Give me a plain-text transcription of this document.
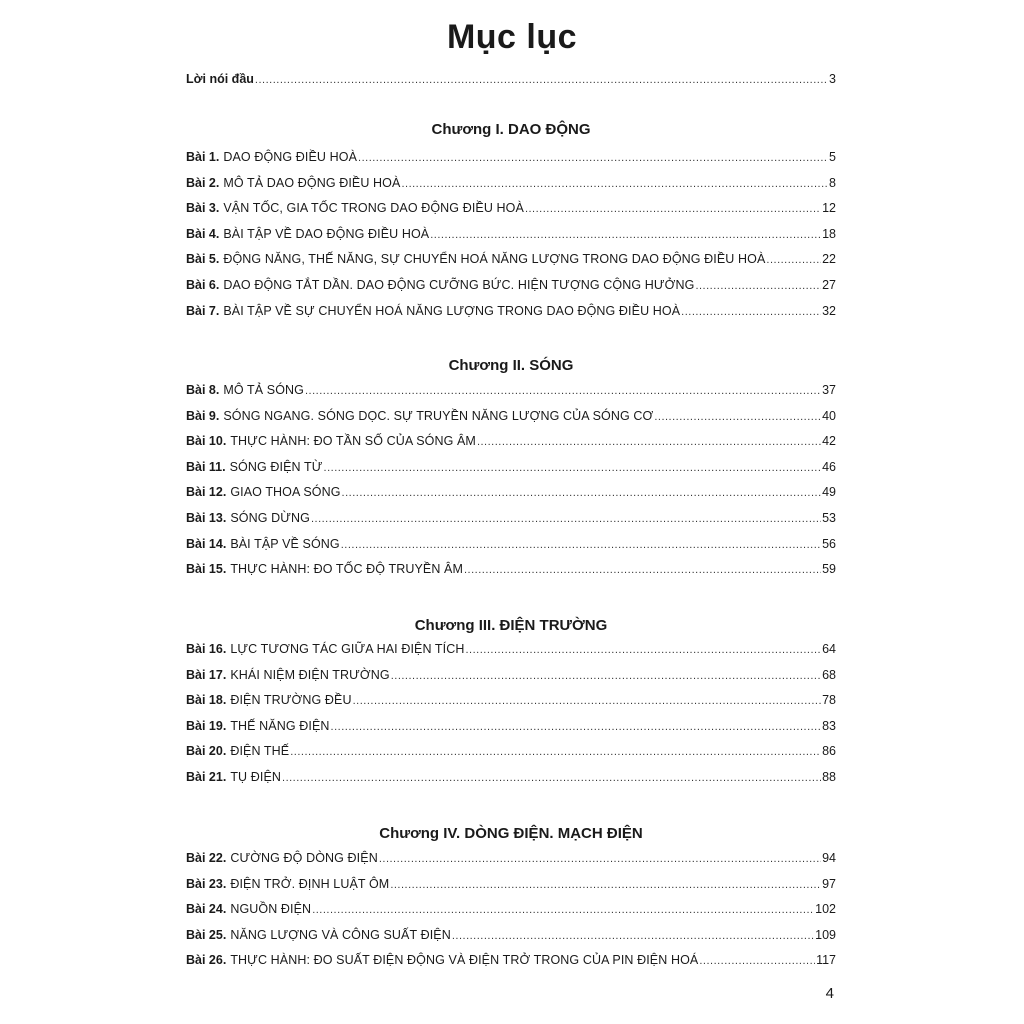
Mục lục
Lời nói đầu .....	3
Chương I. DAO ĐỘNG
Bài 1. DAO ĐỘNG ĐIỀU HOÀ .....	5
Bài 2. MÔ TẢ DAO ĐỘNG ĐIỀU HOÀ .....	8
Bài 3. VẬN TỐC, GIA TỐC TRONG DAO ĐỘNG ĐIỀU HOÀ .....	12
Bài 4. BÀI TẬP VỀ DAO ĐỘNG ĐIỀU HOÀ .....	18
Bài 5. ĐỘNG NĂNG, THẾ NĂNG, SỰ CHUYỂN HOÁ NĂNG LƯỢNG TRONG DAO ĐỘNG ĐIỀU HOÀ .....	22
Bài 6. DAO ĐỘNG TẮT DẦN. DAO ĐỘNG CƯỠNG BỨC. HIỆN TƯỢNG CỘNG HƯỞNG .....	27
Bài 7. BÀI TẬP VỀ SỰ CHUYỂN HOÁ NĂNG LƯỢNG TRONG DAO ĐỘNG ĐIỀU HOÀ .....	32
Chương II. SÓNG
Bài 8. MÔ TẢ SÓNG .....	37
Bài 9. SÓNG NGANG. SÓNG DỌC. SỰ TRUYỀN NĂNG LƯỢNG CỦA SÓNG CƠ .....	40
Bài 10. THỰC HÀNH: ĐO TẦN SỐ CỦA SÓNG ÂM .....	42
Bài 11. SÓNG ĐIỆN TỪ .....	46
Bài 12. GIAO THOA SÓNG .....	49
Bài 13. SÓNG DỪNG .....	53
Bài 14. BÀI TẬP VỀ SÓNG .....	56
Bài 15. THỰC HÀNH: ĐO TỐC ĐỘ TRUYỀN ÂM .....	59
Chương III. ĐIỆN TRƯỜNG
Bài 16. LỰC TƯƠNG TÁC GIỮA HAI ĐIỆN TÍCH .....	64
Bài 17. KHÁI NIỆM ĐIỆN TRƯỜNG .....	68
Bài 18. ĐIỆN TRƯỜNG ĐỀU .....	78
Bài 19. THẾ NĂNG ĐIỆN .....	83
Bài 20. ĐIỆN THẾ .....	86
Bài 21. TỤ ĐIỆN .....	88
Chương IV. DÒNG ĐIỆN. MẠCH ĐIỆN
Bài 22. CƯỜNG ĐỘ DÒNG ĐIỆN .....	94
Bài 23. ĐIỆN TRỞ. ĐỊNH LUẬT ÔM .....	97
Bài 24. NGUỒN ĐIỆN .....	102
Bài 25. NĂNG LƯỢNG VÀ CÔNG SUẤT ĐIỆN .....	109
Bài 26. THỰC HÀNH: ĐO SUẤT ĐIỆN ĐỘNG VÀ ĐIỆN TRỞ TRONG CỦA PIN ĐIỆN HOÁ .....	117
4
